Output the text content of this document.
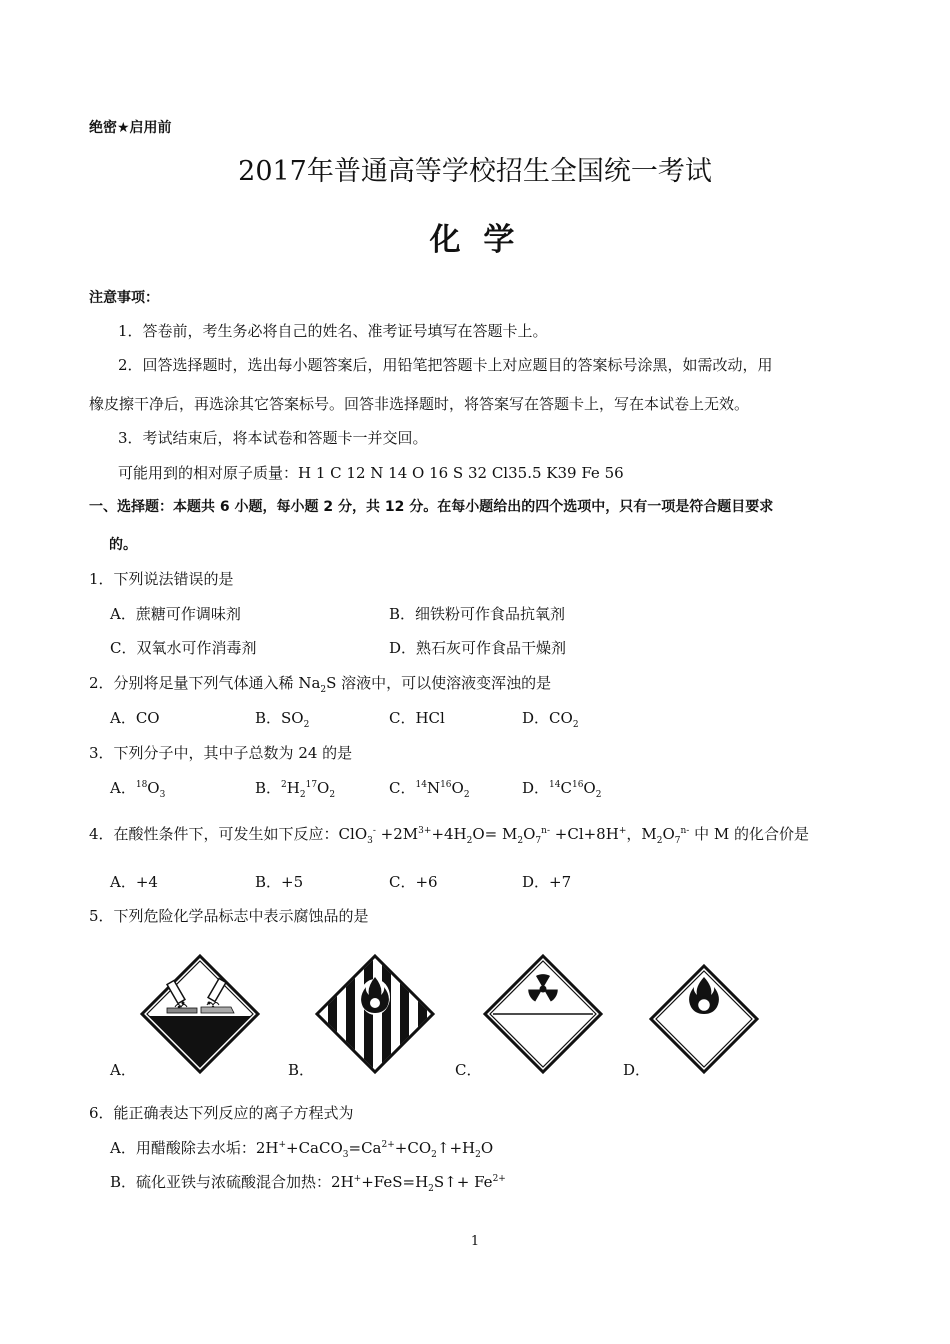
绝密★启用前
2017年普通高等学校招生全国统一考试
化 学
注意事项：
1．答卷前，考生务必将自己的姓名、准考证号填写在答题卡上。
2．回答选择题时，选出每小题答案后，用铅笔把答题卡上对应题目的答案标号涂黑，如需改动，用
橡皮擦干净后，再选涂其它答案标号。回答非选择题时，将答案写在答题卡上，写在本试卷上无效。
3．考试结束后，将本试卷和答题卡一并交回。
可能用到的相对原子质量：H 1 C 12 N 14 O 16 S 32 Cl35.5 K39 Fe 56
一、选择题：本题共 6 小题，每小题 2 分，共 12 分。在每小题给出的四个选项中，只有一项是符合题目要求
的。
1．下列说法错误的是
A．蔗糖可作调味剂	B．细铁粉可作食品抗氧剂
C．双氧水可作消毒剂	D．熟石灰可作食品干燥剂
2．分别将足量下列气体通入稀 $Na_2S$ 溶液中，可以使溶液变浑浊的是
A．CO	B．$SO_2$	C．HCl	D．$CO_2$
3．下列分子中，其中子总数为 24 的是
A．$^{18}O_3$	B．$^2H_2^{17}O_2$	C．$^{14}N^{16}O_2$	D．$^{14}C^{16}O_2$
4．在酸性条件下，可发生如下反应：$ClO_3^- +2M^{3+}+4H_2O= M_2O_7^{n-} +Cl+8H^+$，$M_2O_7^{n-}$ 中 M 的化合价是
A．+4	B．+5	C．+6	D．+7
5．下列危险化学品标志中表示腐蚀品的是
A．	B．	C．	D．
6．能正确表达下列反应的离子方程式为
A．用醋酸除去水垢：$2H^++CaCO_3=Ca^{2+}+CO_2↑+H_2O$
B．硫化亚铁与浓硫酸混合加热：$2H^++FeS=H_2S↑+ Fe^{2+}$
1
